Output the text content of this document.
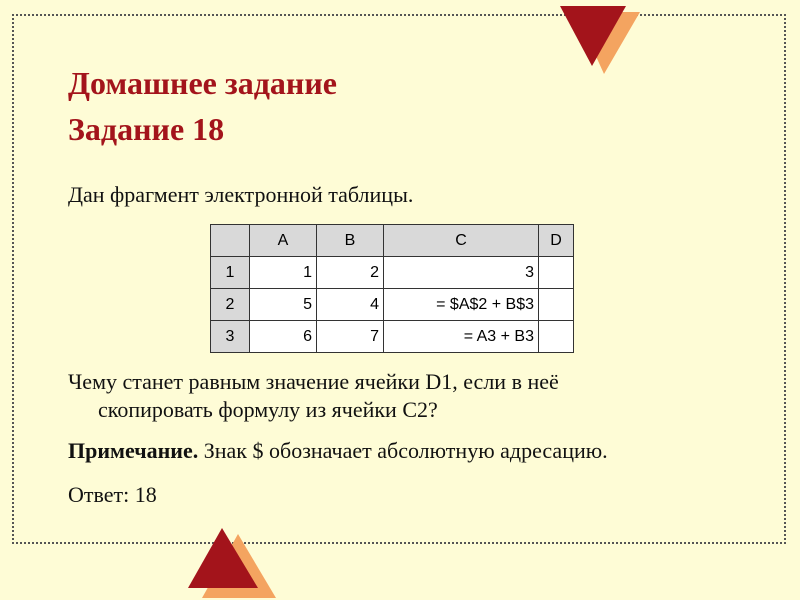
Домашнее задание
Задание 18
Дан фрагмент электронной таблицы.
	A	B	C	D
1	1	2	3	
2	5	4	= $A$2 + B$3	
3	6	7	= A3 + B3	
Чему станет равным значение ячейки D1, если в неё
скопировать формулу из ячейки С2?
Примечание. Знак $ обозначает абсолютную адресацию.
Ответ: 18
